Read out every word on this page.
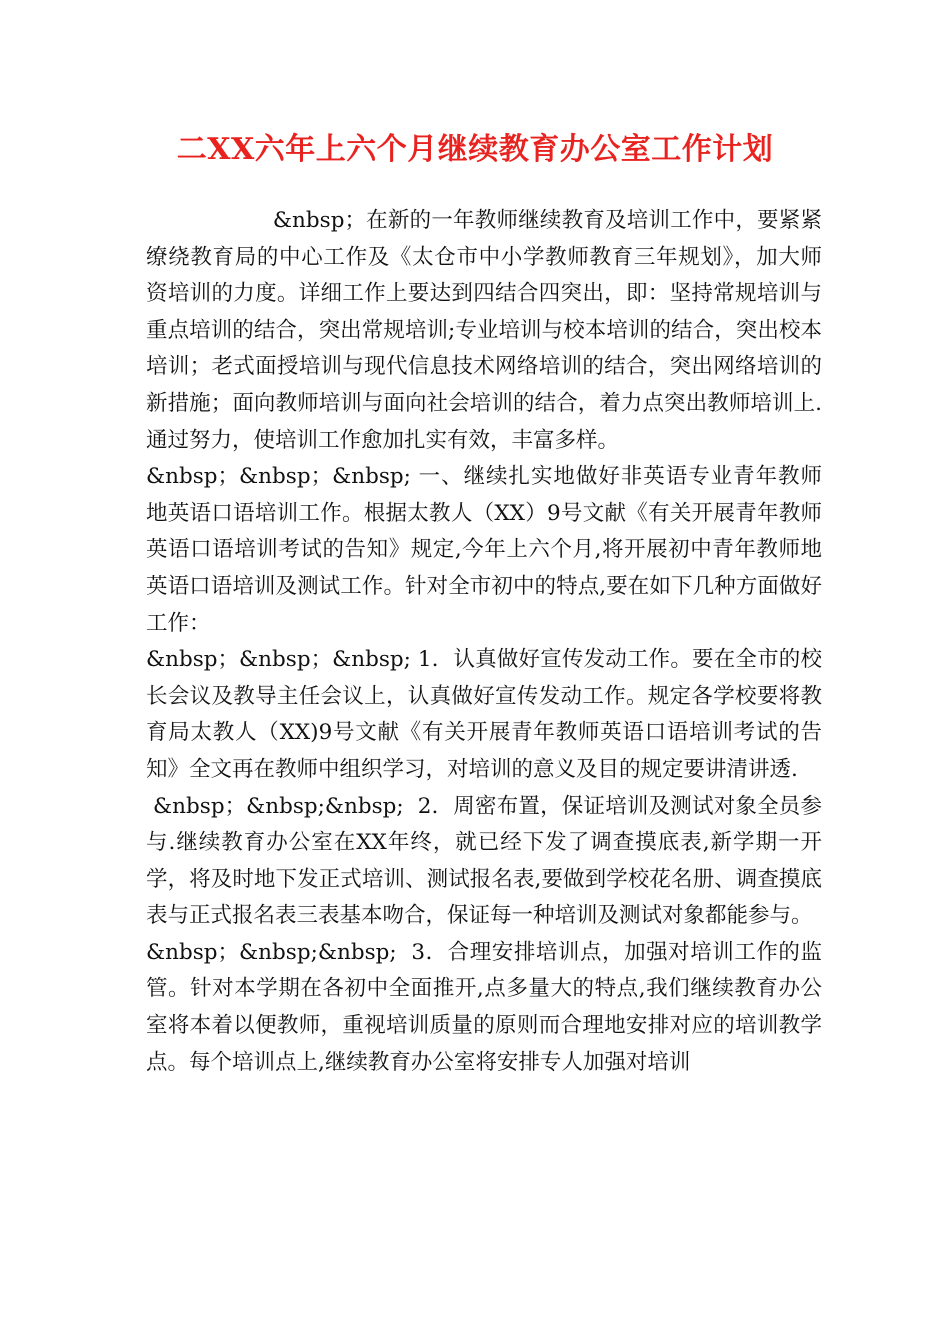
二XX六年上六个月继续教育办公室工作计划

&nbsp；在新的一年教师继续教育及培训工作中，要紧紧缭绕教育局的中心工作及《太仓市中小学教师教育三年规划》，加大师资培训的力度。详细工作上要达到四结合四突出，即：坚持常规培训与重点培训的结合，突出常规培训;专业培训与校本培训的结合，突出校本培训；老式面授培训与现代信息技术网络培训的结合，突出网络培训的新措施；面向教师培训与面向社会培训的结合，着力点突出教师培训上.通过努力，使培训工作愈加扎实有效，丰富多样。

&nbsp；&nbsp；&nbsp; 一、继续扎实地做好非英语专业青年教师地英语口语培训工作。根据太教人（XX）9号文献《有关开展青年教师英语口语培训考试的告知》规定,今年上六个月,将开展初中青年教师地英语口语培训及测试工作。针对全市初中的特点,要在如下几种方面做好工作：

&nbsp；&nbsp；&nbsp; 1．认真做好宣传发动工作。要在全市的校长会议及教导主任会议上，认真做好宣传发动工作。规定各学校要将教育局太教人（XX)9号文献《有关开展青年教师英语口语培训考试的告知》全文再在教师中组织学习，对培训的意义及目的规定要讲清讲透.

&nbsp；&nbsp;&nbsp;  2．周密布置，保证培训及测试对象全员参与.继续教育办公室在XX年终，就已经下发了调查摸底表,新学期一开学，将及时地下发正式培训、测试报名表,要做到学校花名册、调查摸底表与正式报名表三表基本吻合，保证每一种培训及测试对象都能参与。

&nbsp；&nbsp;&nbsp;  3．合理安排培训点，加强对培训工作的监管。针对本学期在各初中全面推开,点多量大的特点,我们继续教育办公室将本着以便教师，重视培训质量的原则而合理地安排对应的培训教学点。每个培训点上,继续教育办公室将安排专人加强对培训
